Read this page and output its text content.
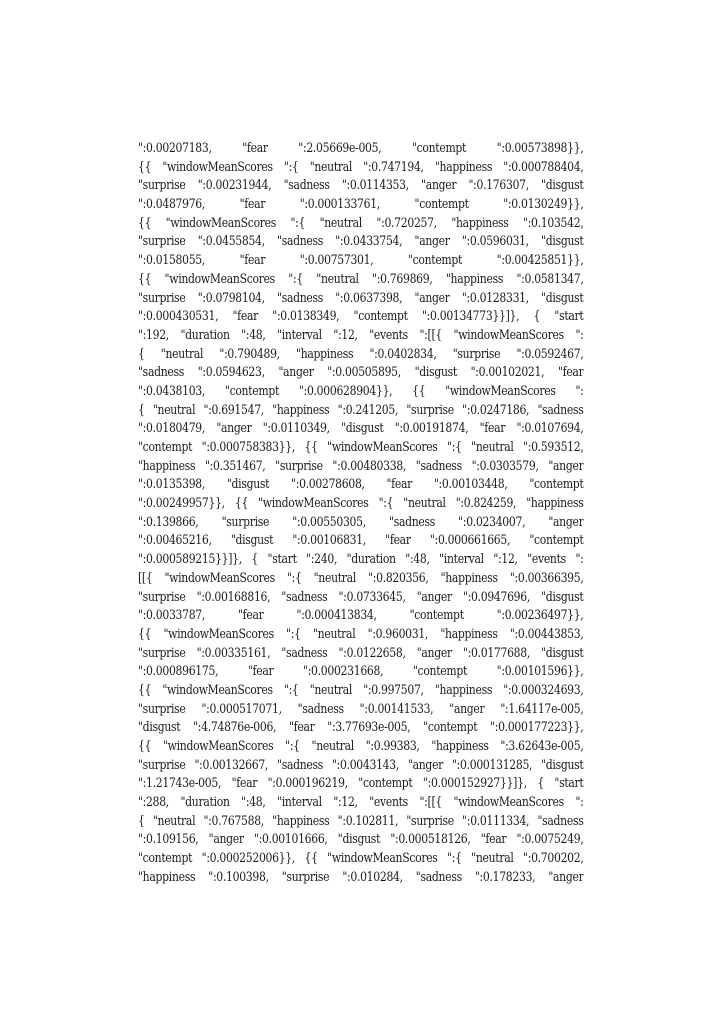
":0.00207183, "fear ":2.05669e-005, "contempt ":0.00573898}},
{{ "windowMeanScores ":{ "neutral ":0.747194, "happiness ":0.000788404,
"surprise ":0.00231944, "sadness ":0.0114353, "anger ":0.176307, "disgust
":0.0487976, "fear ":0.000133761, "contempt ":0.0130249}},
{{ "windowMeanScores ":{ "neutral ":0.720257, "happiness ":0.103542,
"surprise ":0.0455854, "sadness ":0.0433754, "anger ":0.0596031, "disgust
":0.0158055, "fear ":0.00757301, "contempt ":0.00425851}},
{{ "windowMeanScores ":{ "neutral ":0.769869, "happiness ":0.0581347,
"surprise ":0.0798104, "sadness ":0.0637398, "anger ":0.0128331, "disgust
":0.000430531, "fear ":0.0138349, "contempt ":0.00134773}}]}, { "start
":192, "duration ":48, "interval ":12, "events ":[[{ "windowMeanScores ":
{ "neutral ":0.790489, "happiness ":0.0402834, "surprise ":0.0592467,
"sadness ":0.0594623, "anger ":0.00505895, "disgust ":0.00102021, "fear
":0.0438103, "contempt ":0.000628904}}, {{ "windowMeanScores ":
{ "neutral ":0.691547, "happiness ":0.241205, "surprise ":0.0247186, "sadness
":0.0180479, "anger ":0.0110349, "disgust ":0.00191874, "fear ":0.0107694,
"contempt ":0.000758383}}, {{ "windowMeanScores ":{ "neutral ":0.593512,
"happiness ":0.351467, "surprise ":0.00480338, "sadness ":0.0303579, "anger
":0.0135398, "disgust ":0.00278608, "fear ":0.00103448, "contempt
":0.00249957}}, {{ "windowMeanScores ":{ "neutral ":0.824259, "happiness
":0.139866, "surprise ":0.00550305, "sadness ":0.0234007, "anger
":0.00465216, "disgust ":0.00106831, "fear ":0.000661665, "contempt
":0.000589215}}]}, { "start ":240, "duration ":48, "interval ":12, "events ":
[[{ "windowMeanScores ":{ "neutral ":0.820356, "happiness ":0.00366395,
"surprise ":0.00168816, "sadness ":0.0733645, "anger ":0.0947696, "disgust
":0.0033787, "fear ":0.000413834, "contempt ":0.00236497}},
{{ "windowMeanScores ":{ "neutral ":0.960031, "happiness ":0.00443853,
"surprise ":0.00335161, "sadness ":0.0122658, "anger ":0.0177688, "disgust
":0.000896175, "fear ":0.000231668, "contempt ":0.00101596}},
{{ "windowMeanScores ":{ "neutral ":0.997507, "happiness ":0.000324693,
"surprise ":0.000517071, "sadness ":0.00141533, "anger ":1.64117e-005,
"disgust ":4.74876e-006, "fear ":3.77693e-005, "contempt ":0.000177223}},
{{ "windowMeanScores ":{ "neutral ":0.99383, "happiness ":3.62643e-005,
"surprise ":0.00132667, "sadness ":0.0043143, "anger ":0.000131285, "disgust
":1.21743e-005, "fear ":0.000196219, "contempt ":0.000152927}}]}, { "start
":288, "duration ":48, "interval ":12, "events ":[[{ "windowMeanScores ":
{ "neutral ":0.767588, "happiness ":0.102811, "surprise ":0.0111334, "sadness
":0.109156, "anger ":0.00101666, "disgust ":0.000518126, "fear ":0.0075249,
"contempt ":0.000252006}}, {{ "windowMeanScores ":{ "neutral ":0.700202,
"happiness ":0.100398, "surprise ":0.010284, "sadness ":0.178233, "anger
